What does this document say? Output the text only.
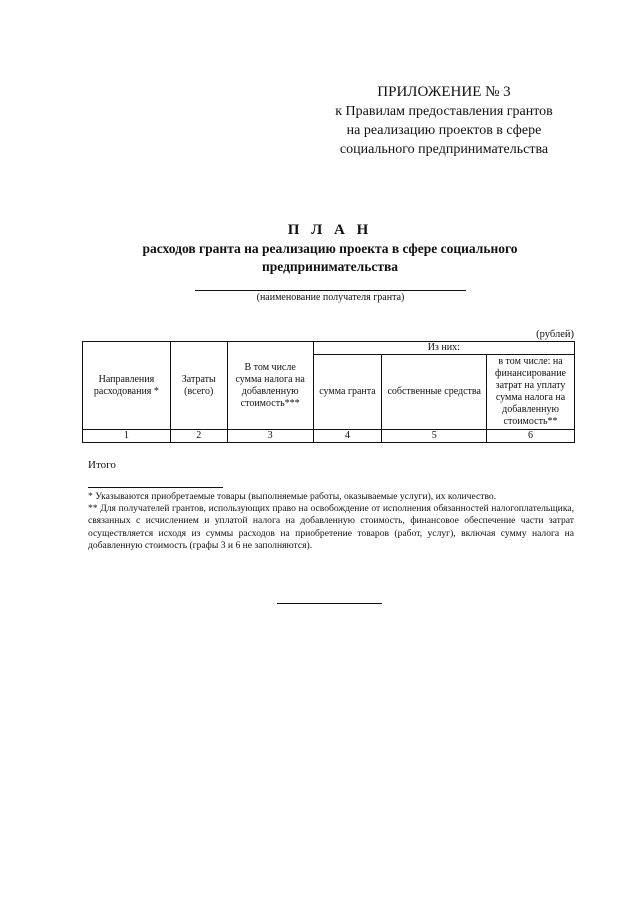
ПРИЛОЖЕНИЕ № 3
к Правилам предоставления грантов
на реализацию проектов в сфере
социального предпринимательства
П Л А Н
расходов гранта на реализацию проекта в сфере социального
предпринимательства
(наименование получателя гранта)
(рублей)
Направления расходования *	Затраты (всего)	В том числе сумма налога на добавленную стоимость***	Из них:		
			сумма гранта	собственные средства	в том числе: на финансирование затрат на уплату сумма налога на добавленную стоимость**
1	2	3	4	5	6
Итого

* Указываются приобретаемые товары (выполняемые работы, оказываемые услуги), их количество.

** Для получателей грантов, использующих право на освобождение от исполнения обязанностей налогоплательщика, связанных с исчислением и уплатой налога на добавленную стоимость, финансовое обеспечение части затрат осуществляется исходя из суммы расходов на приобретение товаров (работ, услуг), включая сумму налога на добавленную стоимость (графы 3 и 6 не заполняются).
